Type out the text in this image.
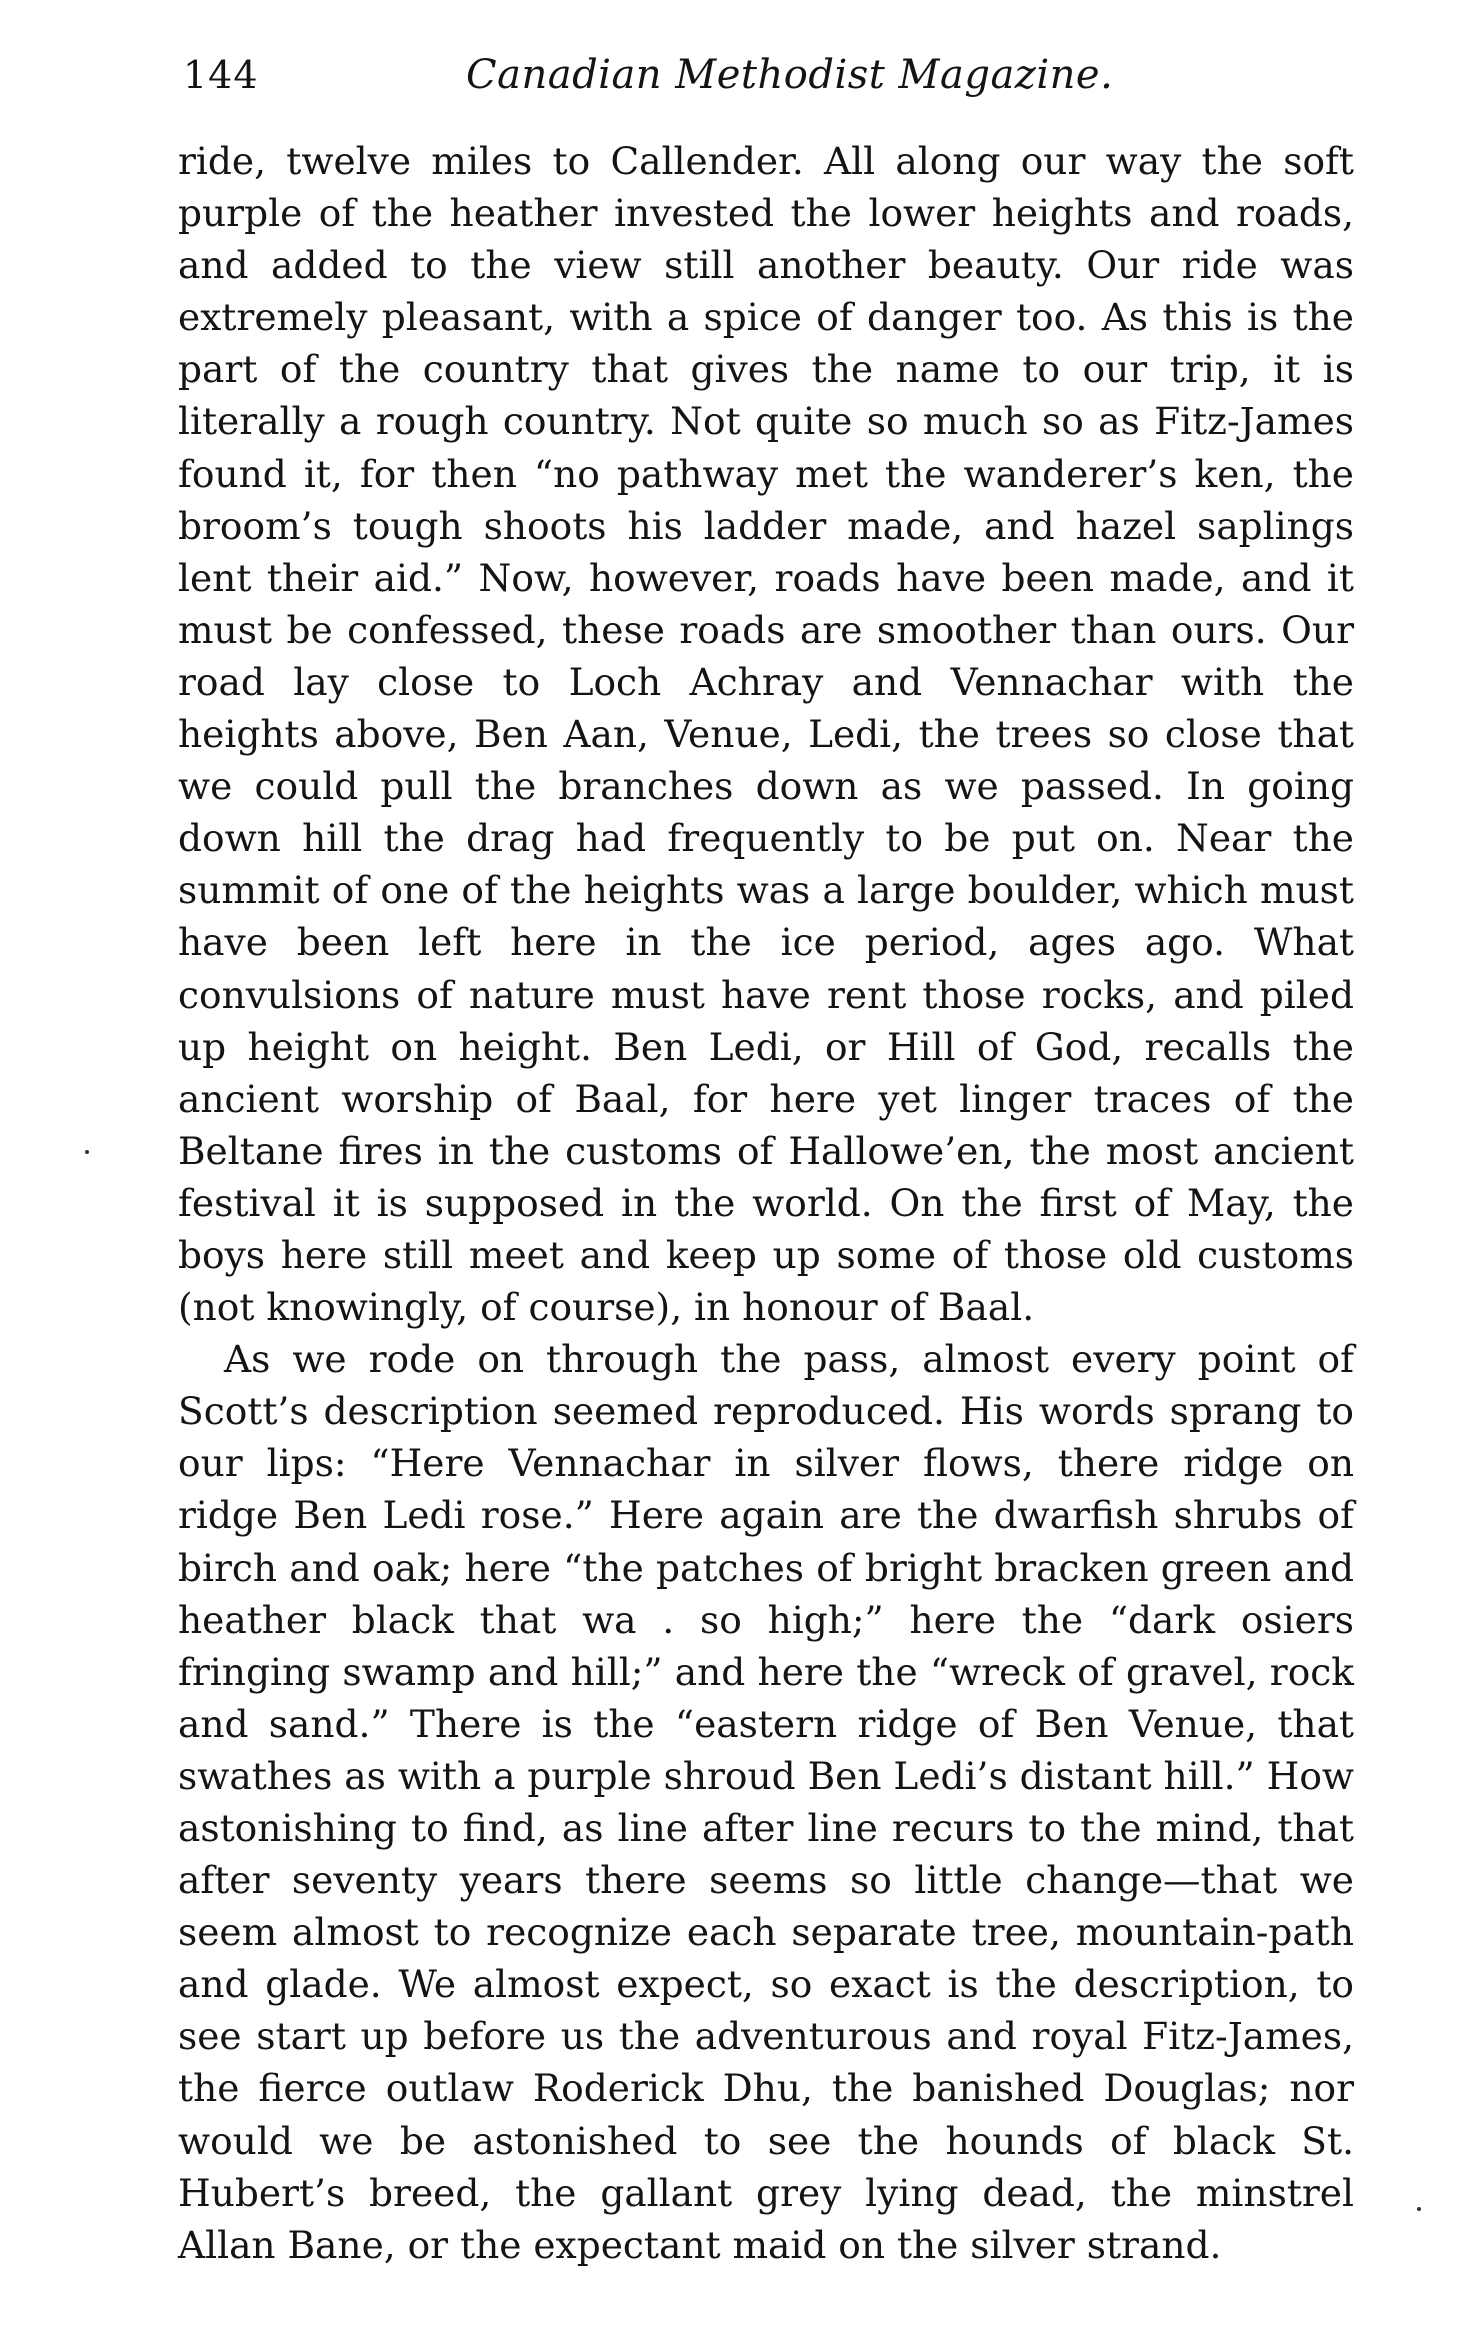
144	Canadian Methodist Magazine.

ride, twelve miles to Callender. All along our way the soft purple of the heather invested the lower heights and roads, and added to the view still another beauty. Our ride was extremely pleasant, with a spice of danger too. As this is the part of the country that gives the name to our trip, it is literally a rough country. Not quite so much so as Fitz-James found it, for then “no pathway met the wanderer’s ken, the broom’s tough shoots his ladder made, and hazel saplings lent their aid.” Now, however, roads have been made, and it must be confessed, these roads are smoother than ours. Our road lay close to Loch Achray and Vennachar with the heights above, Ben Aan, Venue, Ledi, the trees so close that we could pull the branches down as we passed. In going down hill the drag had frequently to be put on. Near the summit of one of the heights was a large boulder, which must have been left here in the ice period, ages ago. What convulsions of nature must have rent those rocks, and piled up height on height. Ben Ledi, or Hill of God, recalls the ancient worship of Baal, for here yet linger traces of the Beltane fires in the customs of Hallowe’en, the most ancient festival it is supposed in the world. On the first of May, the boys here still meet and keep up some of those old customs (not knowingly, of course), in honour of Baal.

As we rode on through the pass, almost every point of Scott’s description seemed reproduced. His words sprang to our lips: “Here Vennachar in silver flows, there ridge on ridge Ben Ledi rose.” Here again are the dwarfish shrubs of birch and oak; here “the patches of bright bracken green and heather black that wa . so high;” here the “dark osiers fringing swamp and hill;” and here the “wreck of gravel, rock and sand.” There is the “eastern ridge of Ben Venue, that swathes as with a purple shroud Ben Ledi’s distant hill.” How astonishing to find, as line after line recurs to the mind, that after seventy years there seems so little change—that we seem almost to recognize each separate tree, mountain-path and glade. We almost expect, so exact is the description, to see start up before us the adventurous and royal Fitz-James, the fierce outlaw Roderick Dhu, the banished Douglas; nor would we be astonished to see the hounds of black St. Hubert’s breed, the gallant grey lying dead, the minstrel Allan Bane, or the expectant maid on the silver strand.
